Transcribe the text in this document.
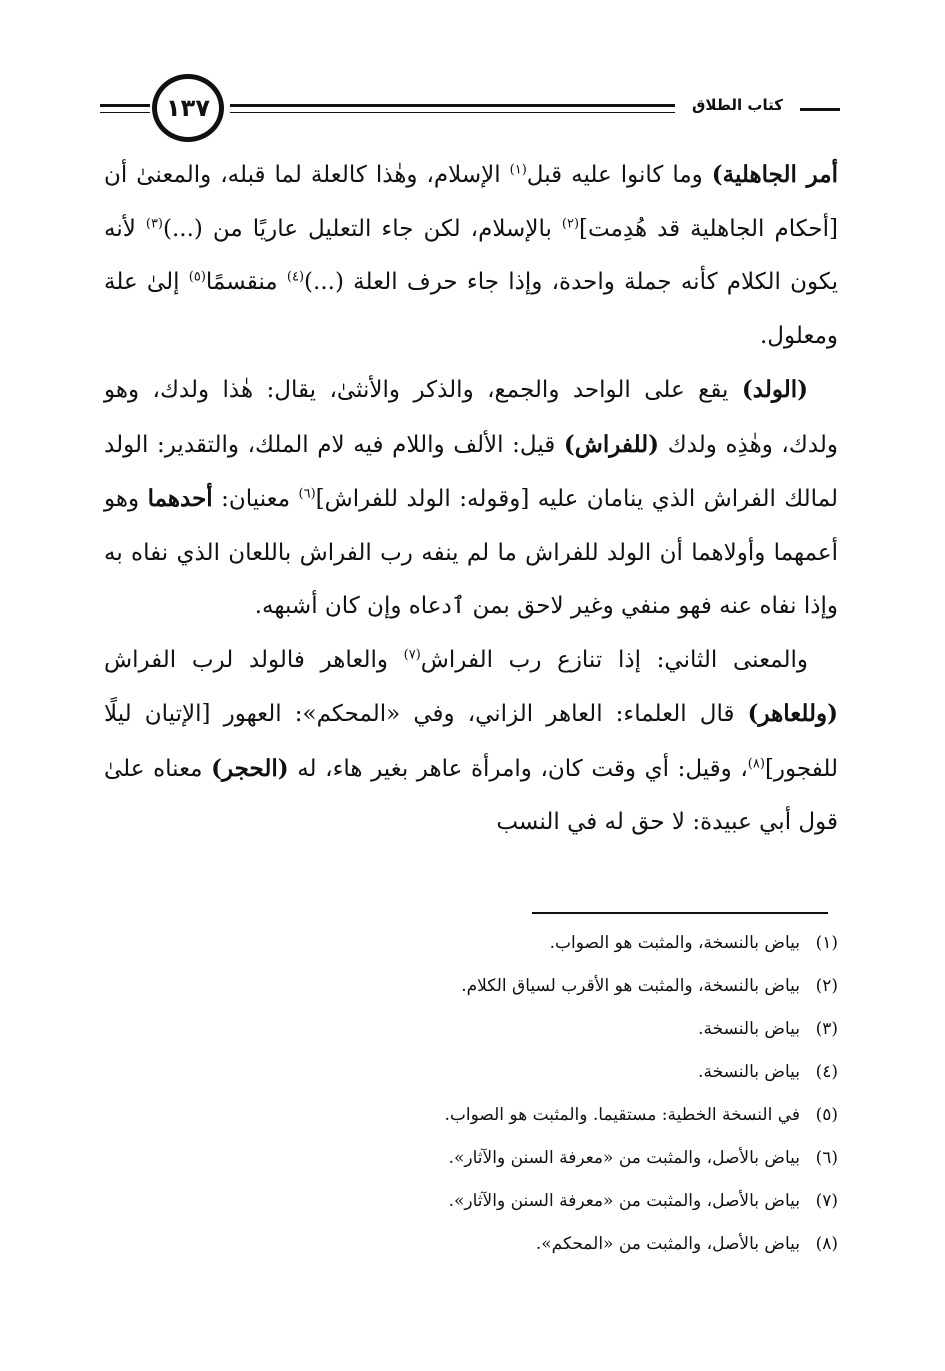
١٣٧	كتاب الطلاق

أمر الجاهلية) وما كانوا عليه قبل$^{(١)}$ الإسلام، وهٰذا كالعلة لما قبله، والمعنىٰ أن [أحكام الجاهلية قد هُدِمت]$^{(٢)}$ بالإسلام، لكن جاء التعليل عاريًا من (...)$^{(٣)}$ لأنه يكون الكلام كأنه جملة واحدة، وإذا جاء حرف العلة (...)$^{(٤)}$ منقسمًا$^{(٥)}$ إلىٰ علة ومعلول.

(الولد) يقع على الواحد والجمع، والذكر والأنثىٰ، يقال: هٰذا ولدك، وهو ولدك، وهٰذِه ولدك (للفراش) قيل: الألف واللام فيه لام الملك، والتقدير: الولد لمالك الفراش الذي ينامان عليه [وقوله: الولد للفراش]$^{(٦)}$ معنيان: أحدهما وهو أعمهما وأولاهما أن الولد للفراش ما لم ينفه رب الفراش باللعان الذي نفاه به وإذا نفاه عنه فهو منفي وغير لاحق بمن ٱدعاه وإن كان أشبهه.

والمعنى الثاني: إذا تنازع رب الفراش$^{(٧)}$ والعاهر فالولد لرب الفراش (وللعاهر) قال العلماء: العاهر الزاني، وفي «المحكم»: العهور [الإتيان ليلًا للفجور]$^{(٨)}$، وقيل: أي وقت كان، وامرأة عاهر بغير هاء، له (الحجر) معناه علىٰ قول أبي عبيدة: لا حق له في النسب

(١)بياض بالنسخة، والمثبت هو الصواب.
(٢)بياض بالنسخة، والمثبت هو الأقرب لسياق الكلام.
(٣)بياض بالنسخة.
(٤)بياض بالنسخة.
(٥)في النسخة الخطية: مستقيما. والمثبت هو الصواب.
(٦)بياض بالأصل، والمثبت من «معرفة السنن والآثار».
(٧)بياض بالأصل، والمثبت من «معرفة السنن والآثار».
(٨)بياض بالأصل، والمثبت من «المحكم».
